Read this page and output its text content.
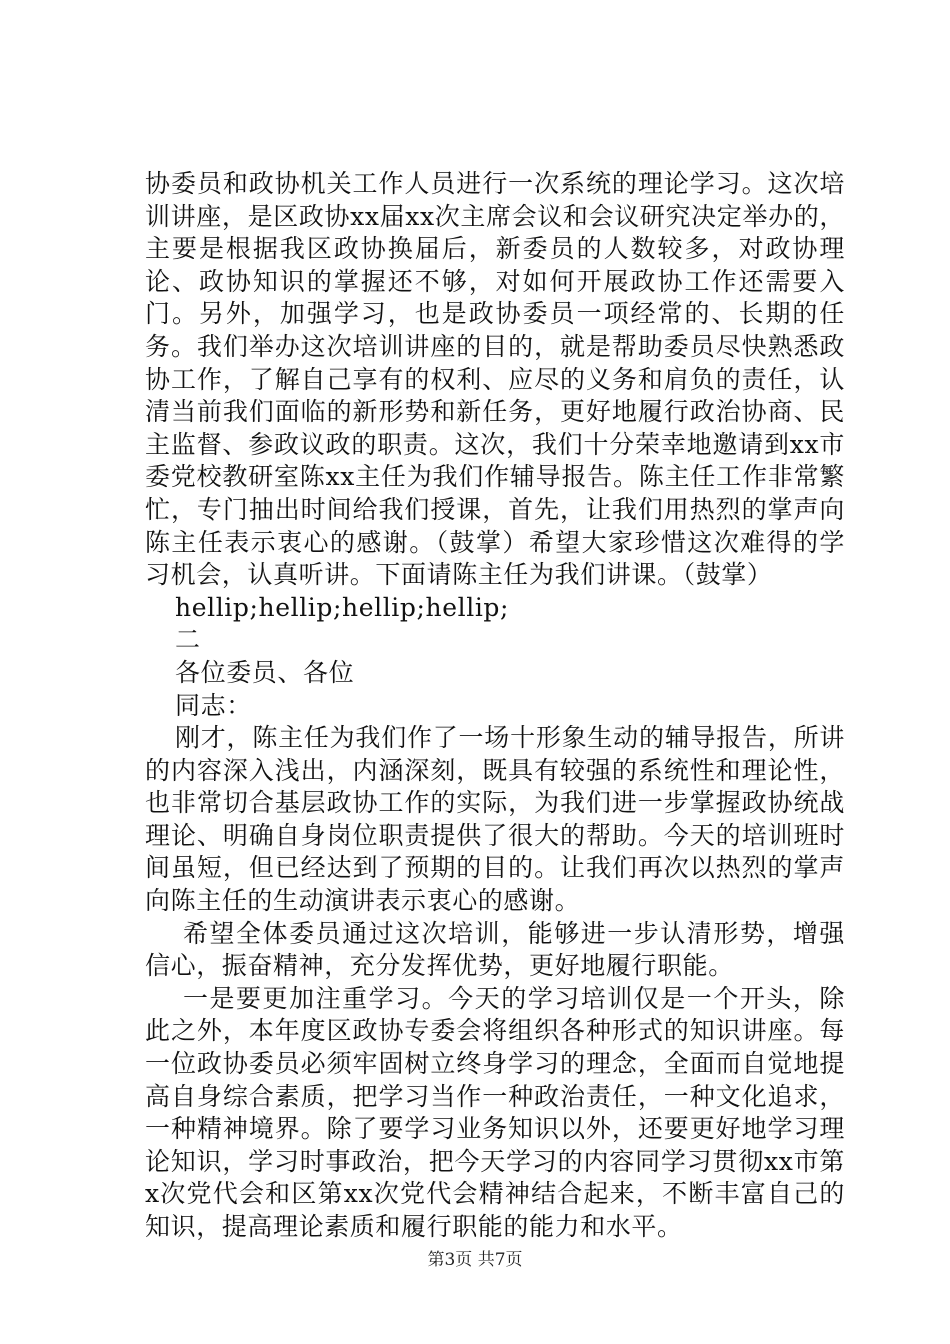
协委员和政协机关工作人员进行一次系统的理论学习。这次培训讲座，是区政协xx届xx次主席会议和会议研究决定举办的，主要是根据我区政协换届后，新委员的人数较多，对政协理论、政协知识的掌握还不够，对如何开展政协工作还需要入门。另外，加强学习，也是政协委员一项经常的、长期的任务。我们举办这次培训讲座的目的，就是帮助委员尽快熟悉政协工作，了解自己享有的权利、应尽的义务和肩负的责任，认清当前我们面临的新形势和新任务，更好地履行政治协商、民主监督、参政议政的职责。这次，我们十分荣幸地邀请到xx市委党校教研室陈xx主任为我们作辅导报告。陈主任工作非常繁忙，专门抽出时间给我们授课，首先，让我们用热烈的掌声向陈主任表示衷心的感谢。（鼓掌）希望大家珍惜这次难得的学习机会，认真听讲。下面请陈主任为我们讲课。（鼓掌）

hellip;hellip;hellip;hellip;

二

各位委员、各位

同志：

刚才，陈主任为我们作了一场十形象生动的辅导报告，所讲的内容深入浅出，内涵深刻，既具有较强的系统性和理论性，也非常切合基层政协工作的实际，为我们进一步掌握政协统战理论、明确自身岗位职责提供了很大的帮助。今天的培训班时间虽短，但已经达到了预期的目的。让我们再次以热烈的掌声向陈主任的生动演讲表示衷心的感谢。

希望全体委员通过这次培训，能够进一步认清形势，增强信心，振奋精神，充分发挥优势，更好地履行职能。

一是要更加注重学习。今天的学习培训仅是一个开头，除此之外，本年度区政协专委会将组织各种形式的知识讲座。每一位政协委员必须牢固树立终身学习的理念，全面而自觉地提高自身综合素质，把学习当作一种政治责任，一种文化追求，一种精神境界。除了要学习业务知识以外，还要更好地学习理论知识，学习时事政治，把今天学习的内容同学习贯彻xx市第x次党代会和区第xx次党代会精神结合起来，不断丰富自己的知识，提高理论素质和履行职能的能力和水平。

第3页 共7页
